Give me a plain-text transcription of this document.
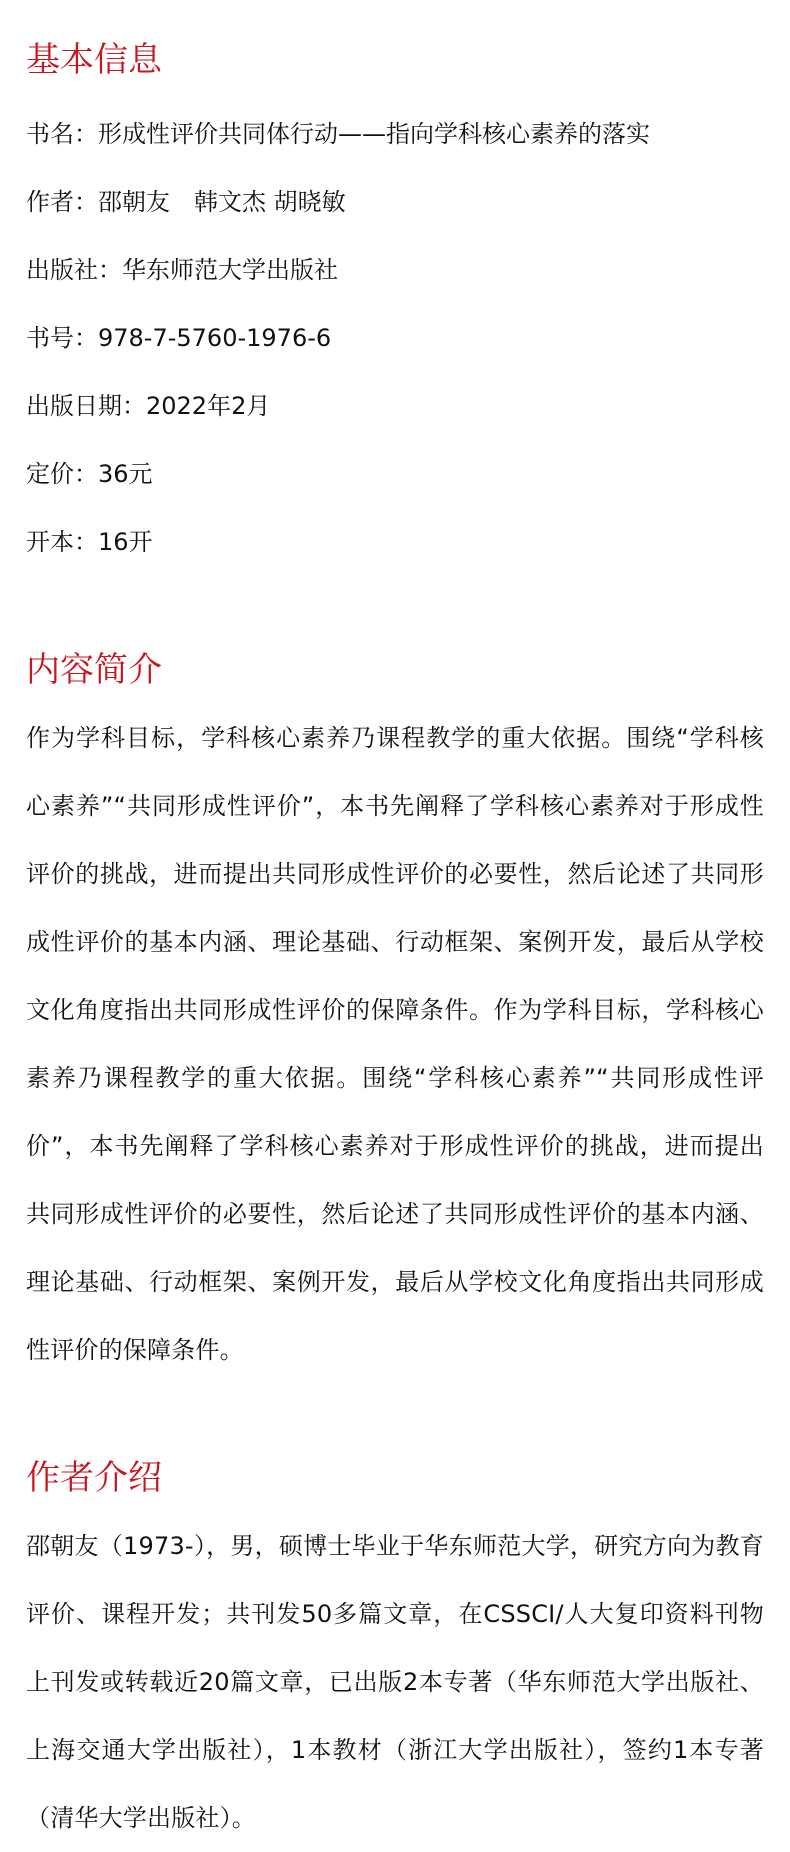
基本信息

书名：形成性评价共同体行动——指向学科核心素养的落实

作者：邵朝友　韩文杰 胡晓敏

出版社：华东师范大学出版社

书号：978-7-5760-1976-6

出版日期：2022年2月

定价：36元

开本：16开

内容简介

作为学科目标，学科核心素养乃课程教学的重大依据。围绕“学科核心素养”“共同形成性评价”，本书先阐释了学科核心素养对于形成性评价的挑战，进而提出共同形成性评价的必要性，然后论述了共同形成性评价的基本内涵、理论基础、行动框架、案例开发，最后从学校文化角度指出共同形成性评价的保障条件。作为学科目标，学科核心素养乃课程教学的重大依据。围绕“学科核心素养”“共同形成性评价”，本书先阐释了学科核心素养对于形成性评价的挑战，进而提出共同形成性评价的必要性，然后论述了共同形成性评价的基本内涵、理论基础、行动框架、案例开发，最后从学校文化角度指出共同形成性评价的保障条件。

作者介绍

邵朝友（1973-），男，硕博士毕业于华东师范大学，研究方向为教育评价、课程开发；共刊发50多篇文章，在CSSCI/人大复印资料刊物上刊发或转载近20篇文章，已出版2本专著（华东师范大学出版社、上海交通大学出版社），1本教材（浙江大学出版社），签约1本专著（清华大学出版社）。
